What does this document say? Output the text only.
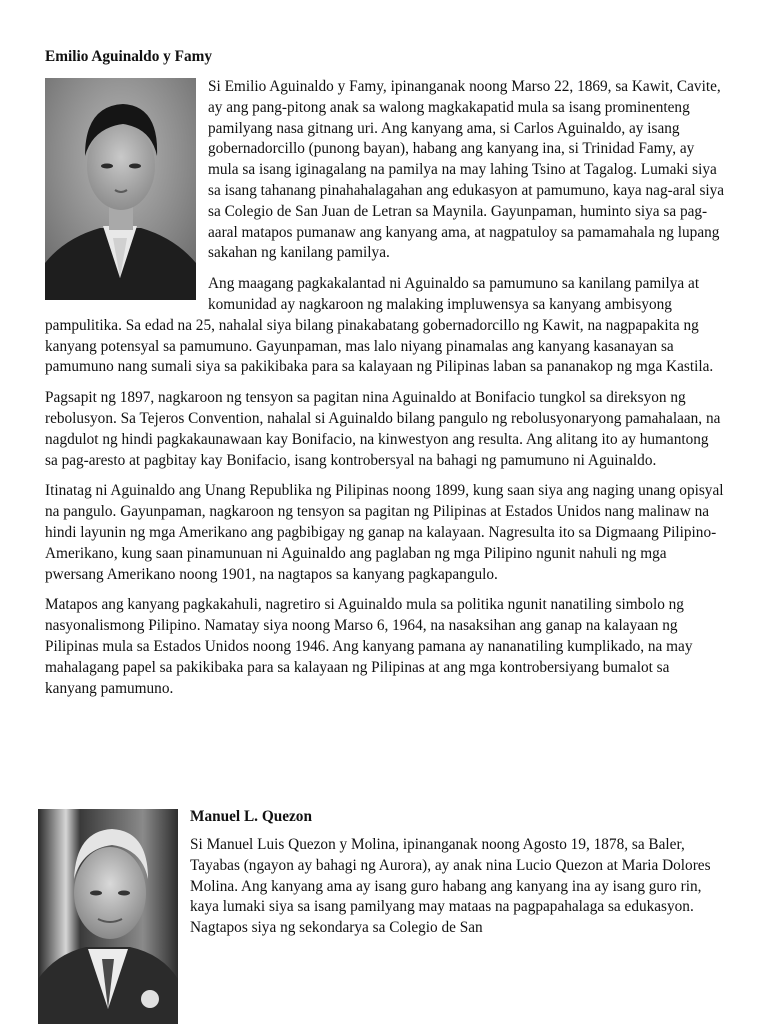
Emilio Aguinaldo y Famy

Si Emilio Aguinaldo y Famy, ipinanganak noong Marso 22, 1869, sa Kawit, Cavite, ay ang pang-pitong anak sa walong magkakapatid mula sa isang prominenteng pamilyang nasa gitnang uri. Ang kanyang ama, si Carlos Aguinaldo, ay isang gobernadorcillo (punong bayan), habang ang kanyang ina, si Trinidad Famy, ay mula sa isang iginagalang na pamilya na may lahing Tsino at Tagalog. Lumaki siya sa isang tahanang pinahahalagahan ang edukasyon at pamumuno, kaya nag-aral siya sa Colegio de San Juan de Letran sa Maynila. Gayunpaman, huminto siya sa pag-aaral matapos pumanaw ang kanyang ama, at nagpatuloy sa pamamahala ng lupang sakahan ng kanilang pamilya.

Ang maagang pagkakalantad ni Aguinaldo sa pamumuno sa kanilang pamilya at komunidad ay nagkaroon ng malaking impluwensya sa kanyang ambisyong pampulitika. Sa edad na 25, nahalal siya bilang pinakabatang gobernadorcillo ng Kawit, na nagpapakita ng kanyang potensyal sa pamumuno. Gayunpaman, mas lalo niyang pinamalas ang kanyang kasanayan sa pamumuno nang sumali siya sa pakikibaka para sa kalayaan ng Pilipinas laban sa pananakop ng mga Kastila.

Pagsapit ng 1897, nagkaroon ng tensyon sa pagitan nina Aguinaldo at Bonifacio tungkol sa direksyon ng rebolusyon. Sa Tejeros Convention, nahalal si Aguinaldo bilang pangulo ng rebolusyonaryong pamahalaan, na nagdulot ng hindi pagkakaunawaan kay Bonifacio, na kinwestyon ang resulta. Ang alitang ito ay humantong sa pag-aresto at pagbitay kay Bonifacio, isang kontrobersyal na bahagi ng pamumuno ni Aguinaldo.

Itinatag ni Aguinaldo ang Unang Republika ng Pilipinas noong 1899, kung saan siya ang naging unang opisyal na pangulo. Gayunpaman, nagkaroon ng tensyon sa pagitan ng Pilipinas at Estados Unidos nang malinaw na hindi layunin ng mga Amerikano ang pagbibigay ng ganap na kalayaan. Nagresulta ito sa Digmaang Pilipino-Amerikano, kung saan pinamunuan ni Aguinaldo ang paglaban ng mga Pilipino ngunit nahuli ng mga pwersang Amerikano noong 1901, na nagtapos sa kanyang pagkapangulo.

Matapos ang kanyang pagkakahuli, nagretiro si Aguinaldo mula sa politika ngunit nanatiling simbolo ng nasyonalismong Pilipino. Namatay siya noong Marso 6, 1964, na nasaksihan ang ganap na kalayaan ng Pilipinas mula sa Estados Unidos noong 1946. Ang kanyang pamana ay nananatiling kumplikado, na may mahalagang papel sa pakikibaka para sa kalayaan ng Pilipinas at ang mga kontrobersiyang bumalot sa kanyang pamumuno.

Manuel L. Quezon

Si Manuel Luis Quezon y Molina, ipinanganak noong Agosto 19, 1878, sa Baler, Tayabas (ngayon ay bahagi ng Aurora), ay anak nina Lucio Quezon at Maria Dolores Molina. Ang kanyang ama ay isang guro habang ang kanyang ina ay isang guro rin, kaya lumaki siya sa isang pamilyang may mataas na pagpapahalaga sa edukasyon. Nagtapos siya ng sekondarya sa Colegio de San
